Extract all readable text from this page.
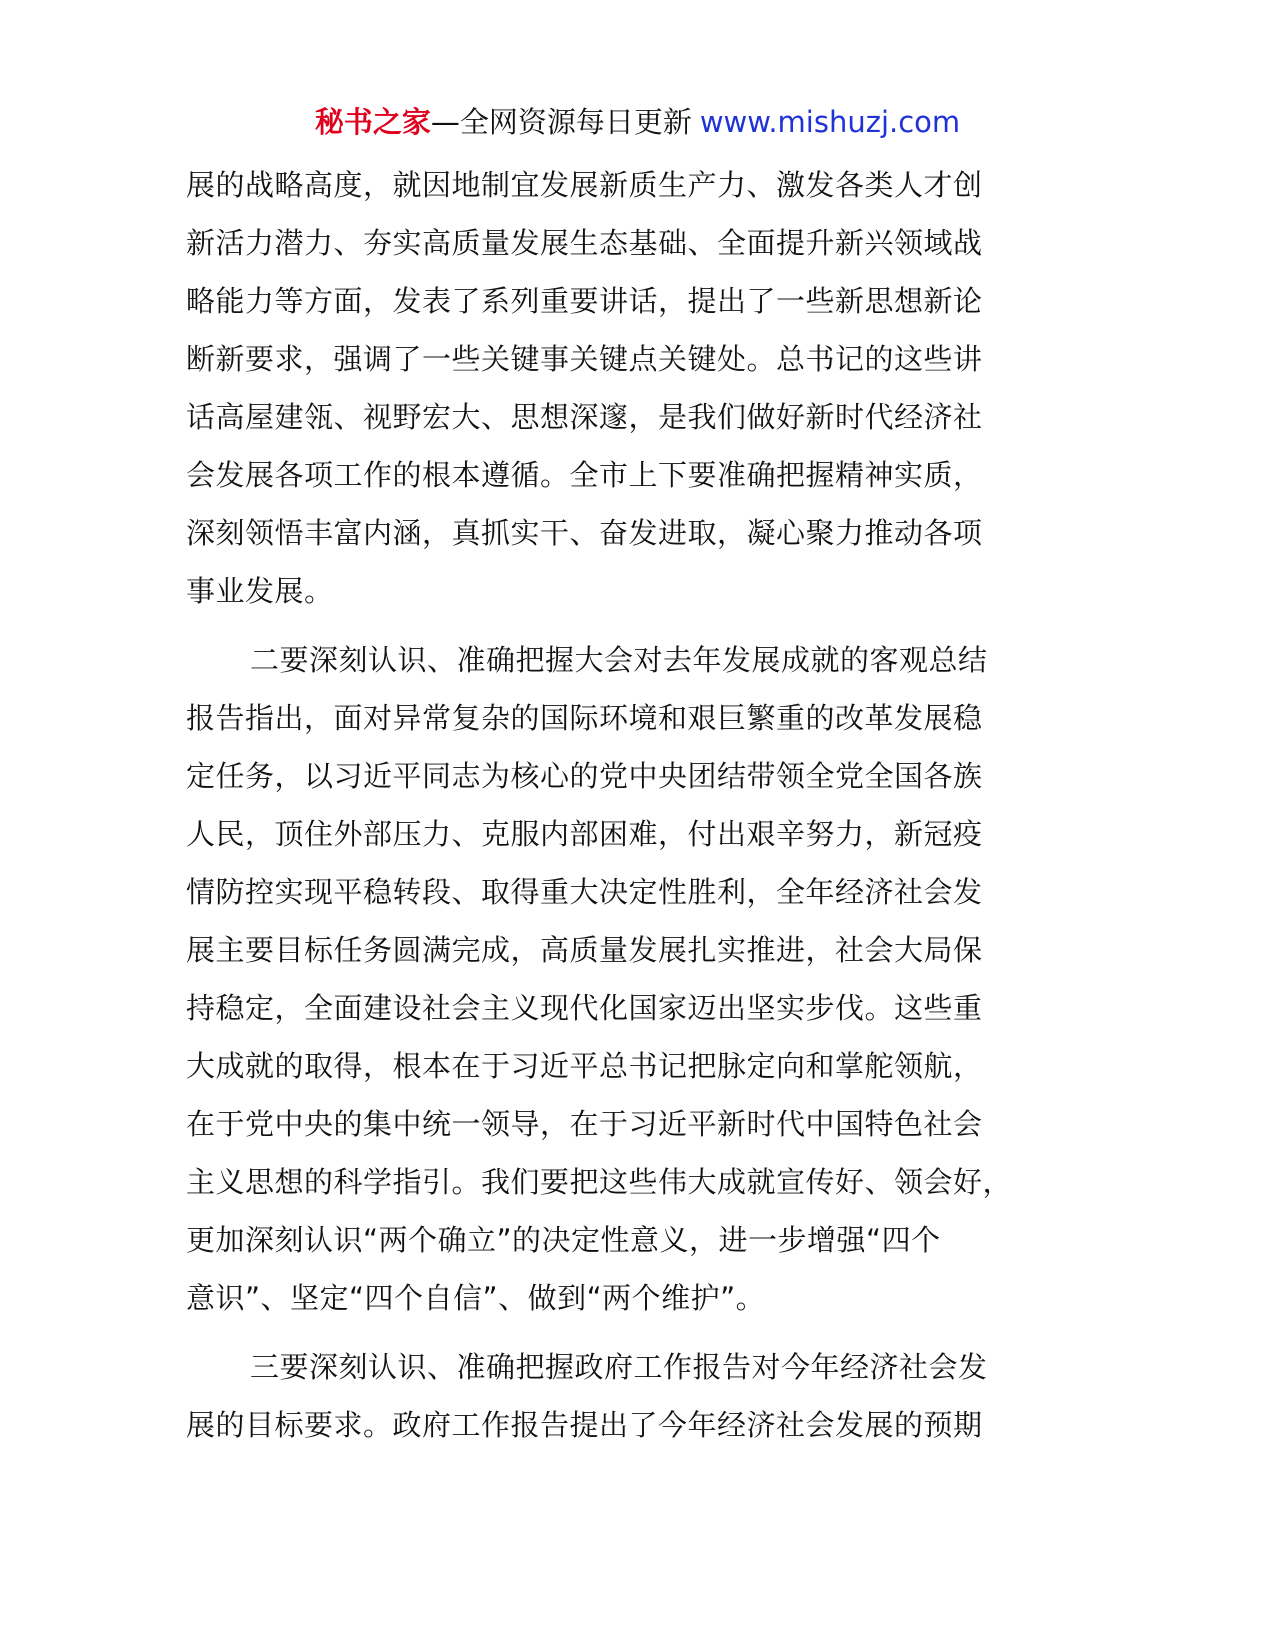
秘书之家—全网资源每日更新 www.mishuzj.com

展的战略高度，就因地制宜发展新质生产力、激发各类人才创
新活力潜力、夯实高质量发展生态基础、全面提升新兴领域战
略能力等方面，发表了系列重要讲话，提出了一些新思想新论
断新要求，强调了一些关键事关键点关键处。总书记的这些讲
话高屋建瓴、视野宏大、思想深邃，是我们做好新时代经济社
会发展各项工作的根本遵循。全市上下要准确把握精神实质，
深刻领悟丰富内涵，真抓实干、奋发进取，凝心聚力推动各项
事业发展。

二要深刻认识、准确把握大会对去年发展成就的客观总结
报告指出，面对异常复杂的国际环境和艰巨繁重的改革发展稳
定任务，以习近平同志为核心的党中央团结带领全党全国各族
人民，顶住外部压力、克服内部困难，付出艰辛努力，新冠疫
情防控实现平稳转段、取得重大决定性胜利，全年经济社会发
展主要目标任务圆满完成，高质量发展扎实推进，社会大局保
持稳定，全面建设社会主义现代化国家迈出坚实步伐。这些重
大成就的取得，根本在于习近平总书记把脉定向和掌舵领航，
在于党中央的集中统一领导，在于习近平新时代中国特色社会
主义思想的科学指引。我们要把这些伟大成就宣传好、领会好，
更加深刻认识“两个确立”的决定性意义，进一步增强“四个
意识”、坚定“四个自信”、做到“两个维护”。

三要深刻认识、准确把握政府工作报告对今年经济社会发
展的目标要求。政府工作报告提出了今年经济社会发展的预期
